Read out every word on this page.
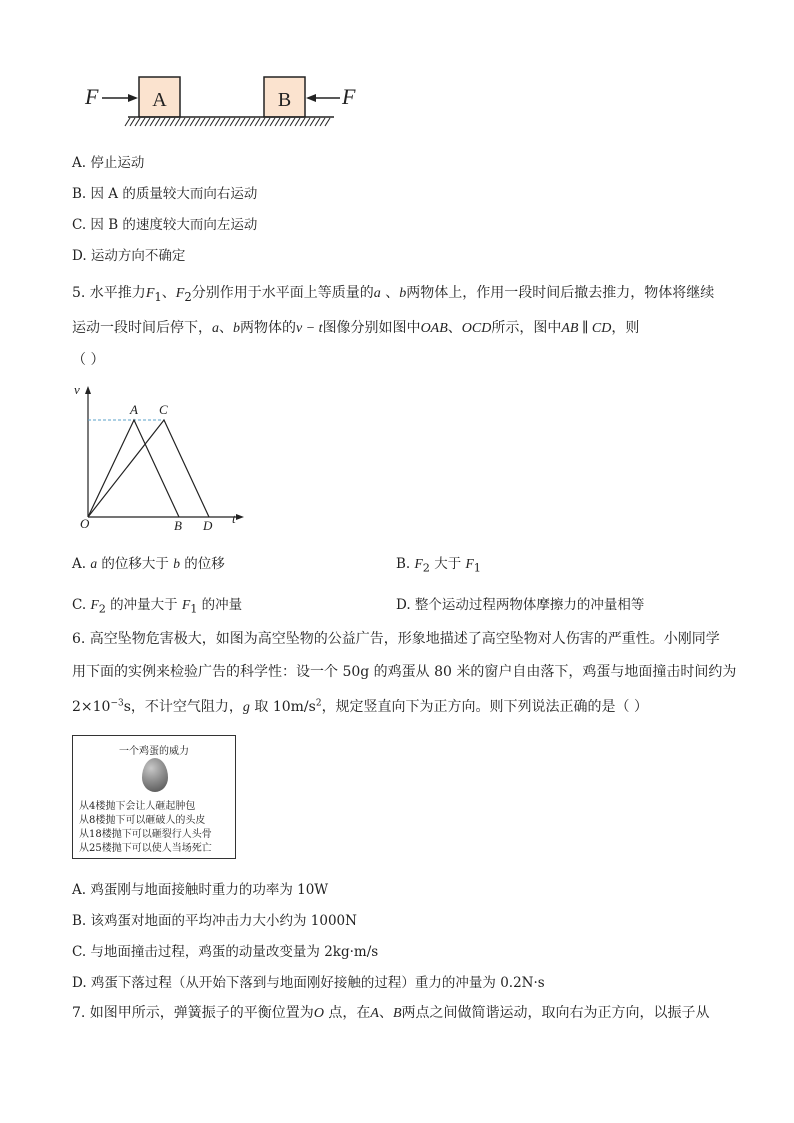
F	A	B F
A. 停止运动
B. 因 A 的质量较大而向右运动
C. 因 B 的速度较大而向左运动
D. 运动方向不确定
5. 水平推力$F_1$、$F_2$分别作用于水平面上等质量的a 、b两物体上，作用一段时间后撤去推力，物体将继续
运动一段时间后停下，a、b两物体的v − t图像分别如图中OAB、OCD所示，图中AB ∥ CD，则
（ ）
v
t
O
A C
B D
A. a 的位移大于 b 的位移	B. $F_2$ 大于 $F_1$
C. $F_2$ 的冲量大于 $F_1$ 的冲量	D. 整个运动过程两物体摩擦力的冲量相等
6. 高空坠物危害极大，如图为高空坠物的公益广告，形象地描述了高空坠物对人伤害的严重性。小刚同学
用下面的实例来检验广告的科学性：设一个 50g 的鸡蛋从 80 米的窗户自由落下，鸡蛋与地面撞击时间约为
$2\times 10^{-3}s$，不计空气阻力，g 取 $10m/s^2$，规定竖直向下为正方向。则下列说法正确的是（ ）
一个鸡蛋的威力
从4楼抛下会让人砸起肿包
从8楼抛下可以砸破人的头皮
从18楼抛下可以砸裂行人头骨
从25楼抛下可以使人当场死亡
A. 鸡蛋刚与地面接触时重力的功率为 10W
B. 该鸡蛋对地面的平均冲击力大小约为 1000N
C. 与地面撞击过程，鸡蛋的动量改变量为 2kg·m/s
D. 鸡蛋下落过程（从开始下落到与地面刚好接触的过程）重力的冲量为 0.2N·s
7. 如图甲所示，弹簧振子的平衡位置为O 点，在A、B两点之间做简谐运动，取向右为正方向，以振子从
